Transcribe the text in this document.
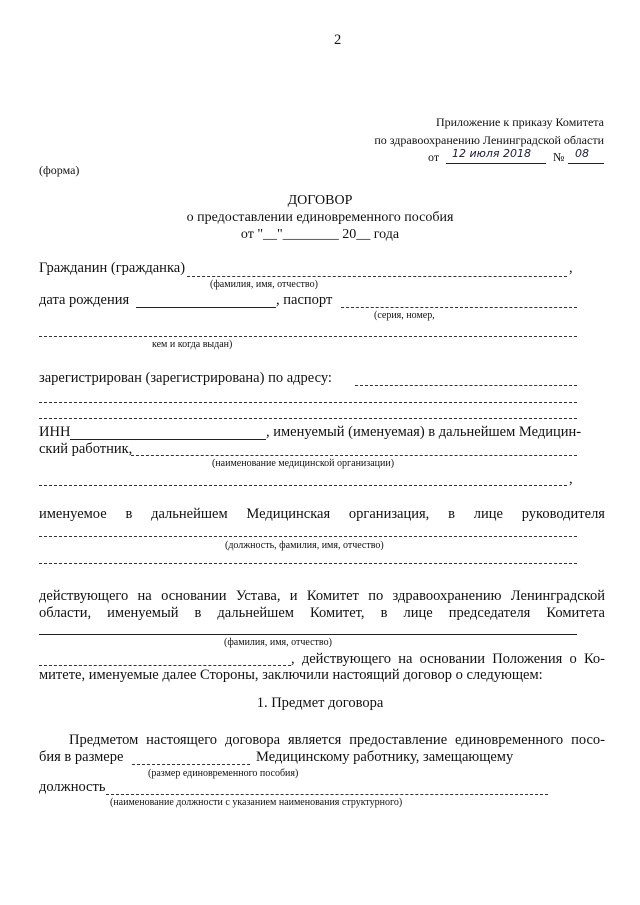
2
Приложение к приказу Комитета
по здравоохранению Ленинградской области
от 12 июля 2018 № 08
(форма)
ДОГОВОР
о предоставлении единовременного пособия
от "__"________ 20__ года
Гражданин (гражданка)	,
(фамилия, имя, отчество)
дата рождения	, паспорт
(серия, номер,
кем и когда выдан)
зарегистрирован (зарегистрирована) по адресу:
ИНН	, именуемый (именуемая) в дальнейшем Медицин-
ский работник,
(наименование медицинской организации)
,
именуемое в дальнейшем Медицинская организация, в лице руководителя
(должность, фамилия, имя, отчество)
действующего на основании Устава, и Комитет по здравоохранению Ленинградской
области, именуемый в дальнейшем Комитет, в лице председателя Комитета
(фамилия, имя, отчество)
, действующего на основании Положения о Ко-
митете, именуемые далее Стороны, заключили настоящий договор о следующем:
1. Предмет договора
Предметом настоящего договора является предоставление единовременного посо-
бия в размере	Медицинскому работнику, замещающему
(размер единовременного пособия)
должность
(наименование должности с указанием наименования структурного)
